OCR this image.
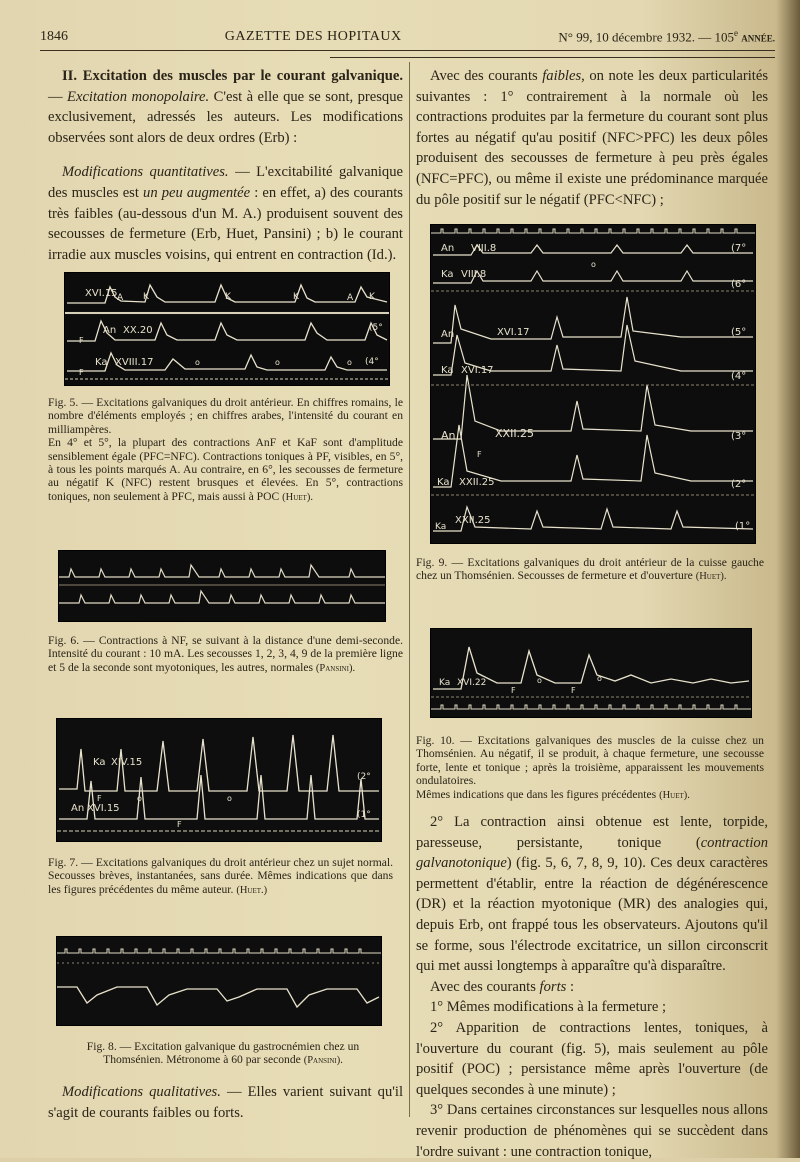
1846	GAZETTE DES HOPITAUX	N° 99, 10 décembre 1932. — 105e ANNÉE.

II. Excitation des muscles par le courant galvanique. — Excitation monopolaire. C'est à elle que se sont, presque exclusivement, adressés les auteurs. Les modifications observées sont alors de deux ordres (Erb) :

Modifications quantitatives. — L'excitabilité galvanique des muscles est un peu augmentée : en effet, a) des courants très faibles (au-dessous d'un M. A.) produisent souvent des secousses de fermeture (Erb, Huet, Pansini) ; b) le courant irradie aux muscles voisins, qui entrent en contraction (Id.).

XVI.15 A K	K	K	A K
An XX.20
F
(5°
Ka XVIII.17
F
o	o	o (4°
Fig. 5. — Excitations galvaniques du droit antérieur. En chiffres romains, le nombre d'éléments employés ; en chiffres arabes, l'intensité du courant en milliampères.
En 4° et 5°, la plupart des contractions AnF et KaF sont d'amplitude sensiblement égale (PFC=NFC). Contractions toniques à PF, visibles, en 5°, à tous les points marqués A. Au contraire, en 6°, les secousses de fermeture au négatif K (NFC) restent brusques et élevées. En 5°, contractions toniques, non seulement à PFC, mais aussi à POC (Huet).
Fig. 6. — Contractions à NF, se suivant à la distance d'une demi-seconde. Intensité du courant : 10 mA. Les secousses 1, 2, 3, 4, 9 de la première ligne et 5 de la seconde sont myotoniques, les autres, normales (Pansini).
Ka XIV.15
An XVI.15
(2°
(1°
F
F
o	o
Fig. 7. — Excitations galvaniques du droit antérieur chez un sujet normal. Secousses brèves, instantanées, sans durée. Mêmes indications que dans les figures précédentes du même auteur. (Huet.)
Fig. 8. — Excitation galvanique du gastrocnémien chez un Thomsénien. Métronome à 60 par seconde (Pansini).

Modifications qualitatives. — Elles varient suivant qu'il s'agit de courants faibles ou forts.

Avec des courants faibles, on note les deux particularités suivantes : 1° contrairement à la normale où les contractions produites par la fermeture du courant sont plus fortes au négatif qu'au positif (NFC>PFC) les deux pôles produisent des secousses de fermeture à peu près égales (NFC=PFC), ou même il existe une prédominance marquée du pôle positif sur le négatif (PFC<NFC) ;

An VIII.8
Ka VIII.8
(7°
(6°
An	XVI.17	(5°
Ka XVI.17
(4°
An	XXII.25	(3°
Ka XXII.25	(2°
Ka
XXII.25
(1°
F
o
Fig. 9. — Excitations galvaniques du droit antérieur de la cuisse gauche chez un Thomsénien. Secousses de fermeture et d'ouverture (Huet).
Ka XVI.22	o
F	F
o
Fig. 10. — Excitations galvaniques des muscles de la cuisse chez un Thomsénien. Au négatif, il se produit, à chaque fermeture, une secousse forte, lente et tonique ; après la troisième, apparaissent les mouvements ondulatoires.
Mêmes indications que dans les figures précédentes (Huet).

2° La contraction ainsi obtenue est lente, torpide, paresseuse, persistante, tonique (contraction galvanotonique) (fig. 5, 6, 7, 8, 9, 10). Ces deux caractères permettent d'établir, entre la réaction de dégénérescence (DR) et la réaction myotonique (MR) des analogies qui, depuis Erb, ont frappé tous les observateurs. Ajoutons qu'il se forme, sous l'électrode excitatrice, un sillon circonscrit qui met aussi longtemps à apparaître qu'à disparaître.

Avec des courants forts :

1° Mêmes modifications à la fermeture ;

2° Apparition de contractions lentes, toniques, à l'ouverture du courant (fig. 5), mais seulement au pôle positif (POC) ; persistance même après l'ouverture (de quelques secondes à une minute) ;

3° Dans certaines circonstances sur lesquelles nous allons revenir production de phénomènes qui se succèdent dans l'ordre suivant : une contraction tonique,
